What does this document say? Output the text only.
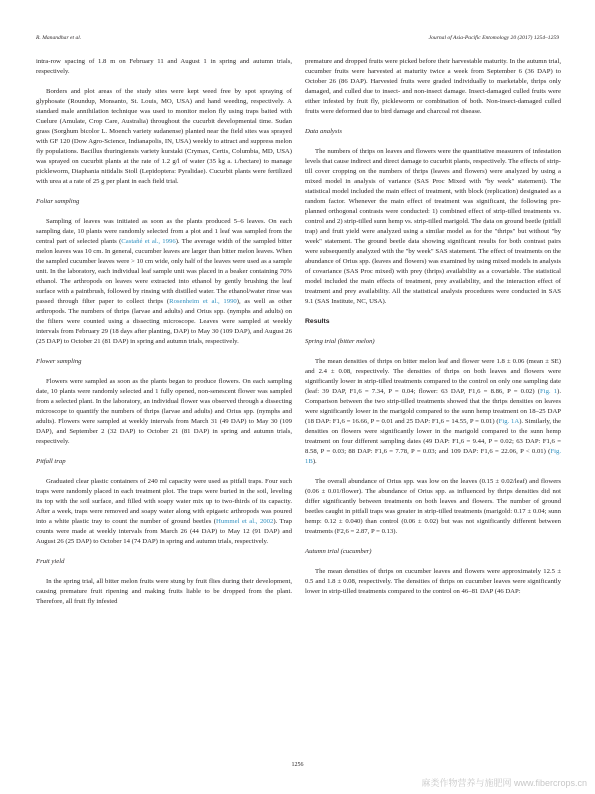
R. Manandhar et al.	Journal of Asia-Pacific Entomology 20 (2017) 1254–1259

intra-row spacing of 1.8 m on February 11 and August 1 in spring and autumn trials, respectively.

Borders and plot areas of the study sites were kept weed free by spot spraying of glyphosate (Roundup, Monsanto, St. Louis, MO, USA) and hand weeding, respectively. A standard male annihilation technique was used to monitor melon fly using traps baited with Cuelure (Amulate, Crop Care, Australia) throughout the cucurbit developmental time. Sudan grass (Sorghum bicolor L. Moench variety sudanense) planted near the field sites was sprayed with GF 120 (Dow Agro-Science, Indianapolis, IN, USA) weekly to attract and suppress melon fly populations. Bacillus thuringiensis variety kurstaki (Crymax, Certis, Columbia, MD, USA) was sprayed on cucurbit plants at the rate of 1.2 g/l of water (35 kg a. i./hectare) to manage pickleworm, Diaphania nitidalis Stoll (Lepidoptera: Pyralidae). Cucurbit plants were fertilized with urea at a rate of 25 g per plant in each field trial.

Foliar sampling

Sampling of leaves was initiated as soon as the plants produced 5–6 leaves. On each sampling date, 10 plants were randomly selected from a plot and 1 leaf was sampled from the central part of selected plants (Castañé et al., 1996). The average width of the sampled bitter melon leaves was 10 cm. In general, cucumber leaves are larger than bitter melon leaves. When the sampled cucumber leaves were > 10 cm wide, only half of the leaves were used as a sample unit. In the laboratory, each individual leaf sample unit was placed in a beaker containing 70% ethanol. The arthropods on leaves were extracted into ethanol by gently brushing the leaf surface with a paintbrush, followed by rinsing with distilled water. The ethanol/water rinse was passed through filter paper to collect thrips (Rosenheim et al., 1990), as well as other arthropods. The numbers of thrips (larvae and adults) and Orius spp. (nymphs and adults) on the filters were counted using a dissecting microscope. Leaves were sampled at weekly intervals from February 29 (18 days after planting, DAP) to May 30 (109 DAP), and August 26 (25 DAP) to October 21 (81 DAP) in spring and autumn trials, respectively.

Flower sampling

Flowers were sampled as soon as the plants began to produce flowers. On each sampling date, 10 plants were randomly selected and 1 fully opened, non-senescent flower was sampled from a selected plant. In the laboratory, an individual flower was observed through a dissecting microscope to quantify the numbers of thrips (larvae and adults) and Orius spp. (nymphs and adults). Flowers were sampled at weekly intervals from March 31 (49 DAP) to May 30 (109 DAP), and September 2 (32 DAP) to October 21 (81 DAP) in spring and autumn trials, respectively.

Pitfall trap

Graduated clear plastic containers of 240 ml capacity were used as pitfall traps. Four such traps were randomly placed in each treatment plot. The traps were buried in the soil, leveling its top with the soil surface, and filled with soapy water mix up to two-thirds of its capacity. After a week, traps were removed and soapy water along with epigaeic arthropods was poured into a white plastic tray to count the number of ground beetles (Hummel et al., 2002). Trap counts were made at weekly intervals from March 26 (44 DAP) to May 12 (91 DAP) and August 26 (25 DAP) to October 14 (74 DAP) in spring and autumn trials, respectively.

Fruit yield

In the spring trial, all bitter melon fruits were stung by fruit flies during their development, causing premature fruit ripening and making fruits liable to be dropped from the plant. Therefore, all fruit fly infested

premature and dropped fruits were picked before their harvestable maturity. In the autumn trial, cucumber fruits were harvested at maturity twice a week from September 6 (36 DAP) to October 26 (86 DAP). Harvested fruits were graded individually to marketable, thrips only damaged, and culled due to insect- and non-insect damage. Insect-damaged culled fruits were either infested by fruit fly, pickleworm or combination of both. Non-insect-damaged culled fruits were deformed due to bird damage and charcoal rot disease.

Data analysis

The numbers of thrips on leaves and flowers were the quantitative measurers of infestation levels that cause indirect and direct damage to cucurbit plants, respectively. The effects of strip-till cover cropping on the numbers of thrips (leaves and flowers) were analyzed by using a mixed model in analysis of variance (SAS Proc Mixed with "by week" statement). The statistical model included the main effect of treatment, with block (replication) designated as a random factor. Whenever the main effect of treatment was significant, the following pre-planned orthogonal contrasts were conducted: 1) combined effect of strip-tilled treatments vs. control and 2) strip-tilled sunn hemp vs. strip-tilled marigold. The data on ground beetle (pitfall trap) and fruit yield were analyzed using a similar model as for the "thrips" but without "by week" statement. The ground beetle data showing significant results for both contrast pairs were subsequently analyzed with the "by week" SAS statement. The effect of treatments on the abundance of Orius spp. (leaves and flowers) was examined by using mixed models in analysis of covariance (SAS Proc mixed) with prey (thrips) availability as a covariable. The statistical model included the main effects of treatment, prey availability, and the interaction effect of treatment and prey availability. All the statistical analysis procedures were conducted in SAS 9.1 (SAS Institute, NC, USA).

Results
Spring trial (bitter melon)

The mean densities of thrips on bitter melon leaf and flower were 1.8 ± 0.06 (mean ± SE) and 2.4 ± 0.08, respectively. The densities of thrips on both leaves and flowers were significantly lower in strip-tilled treatments compared to the control on only one sampling date (leaf: 39 DAP, F1,6 = 7.34, P = 0.04; flower: 63 DAP, F1,6 = 8.86, P = 0.02) (Fig. 1). Comparison between the two strip-tilled treatments showed that the thrips densities on leaves were significantly lower in the marigold compared to the sunn hemp treatment on 18–25 DAP (18 DAP: F1,6 = 16.66, P = 0.01 and 25 DAP: F1,6 = 14.55, P = 0.01) (Fig. 1A). Similarly, the densities on flowers were significantly lower in the marigold compared to the sunn hemp treatment on four different sampling dates (49 DAP: F1,6 = 9.44, P = 0.02; 63 DAP: F1,6 = 8.58, P = 0.03; 88 DAP: F1,6 = 7.78, P = 0.03; and 109 DAP: F1,6 = 22.06, P < 0.01) (Fig. 1B).

The overall abundance of Orius spp. was low on the leaves (0.15 ± 0.02/leaf) and flowers (0.06 ± 0.01/flower). The abundance of Orius spp. as influenced by thrips densities did not differ significantly between treatments on both leaves and flowers. The number of ground beetles caught in pitfall traps was greater in strip-tilled treatments (marigold: 0.17 ± 0.04; sunn hemp: 0.12 ± 0.040) than control (0.06 ± 0.02) but was not significantly different between treatments (F2,6 = 2.87, P = 0.13).

Autumn trial (cucumber)

The mean densities of thrips on cucumber leaves and flowers were approximately 12.5 ± 0.5 and 1.8 ± 0.08, respectively. The densities of thrips on cucumber leaves were significantly lower in strip-tilled treatments compared to the control on 46–81 DAP (46 DAP:

1256
麻类作物营养与施肥网 www.fibercrops.cn
